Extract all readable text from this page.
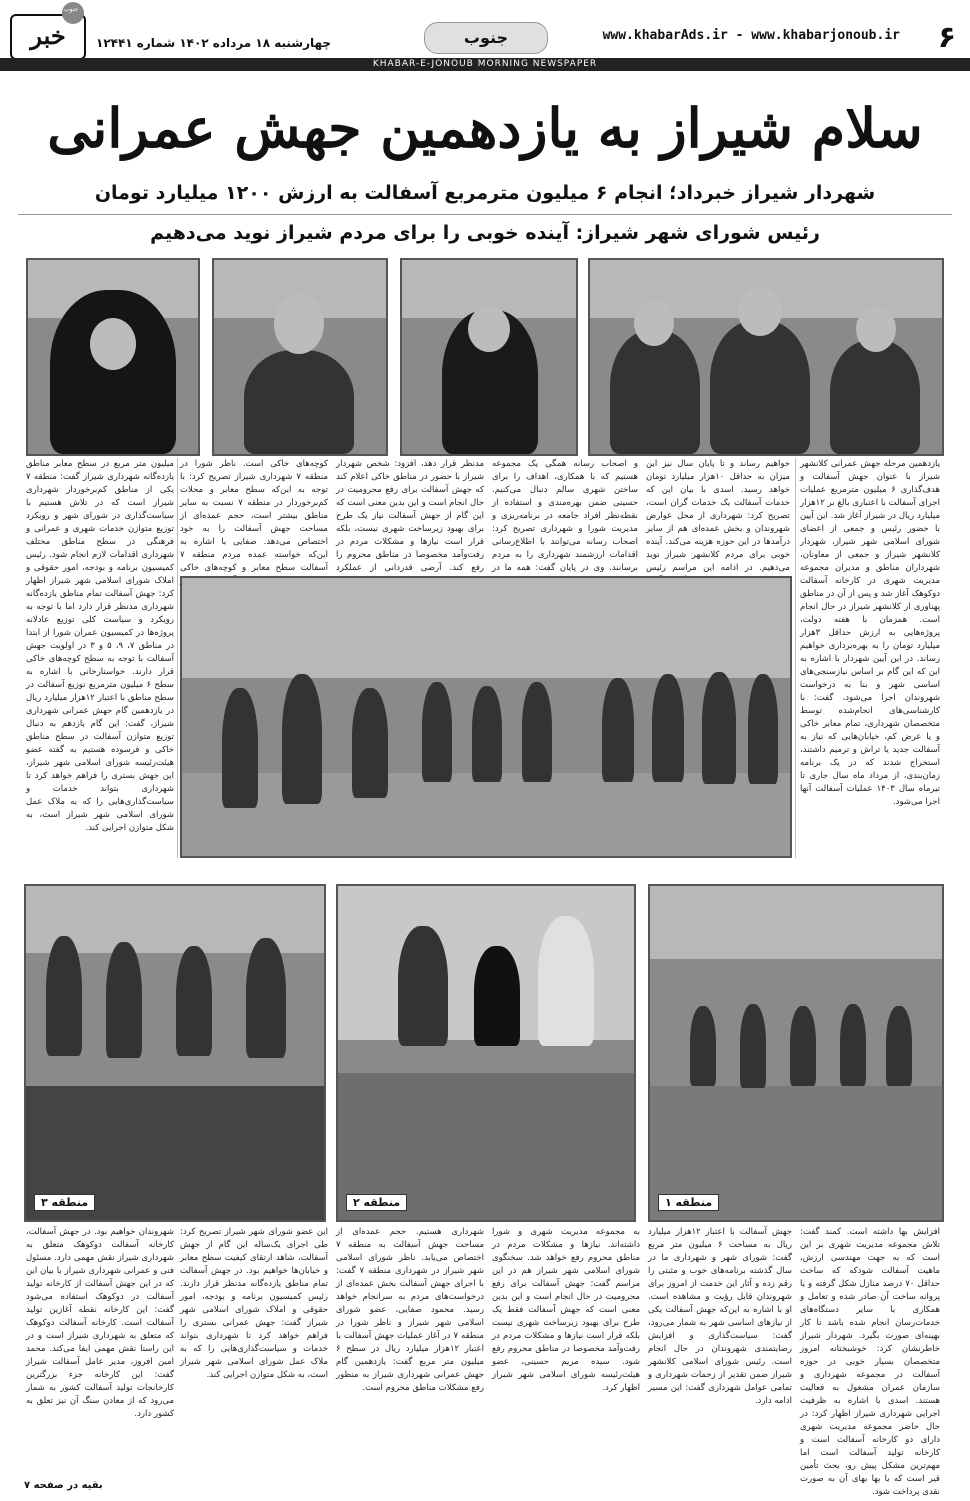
۶
www.khabarAds.ir - www.khabarjonoub.ir
جنوب
خبر
جنوب
چهارشنبه ۱۸ مرداده ۱۴۰۲ شماره ۱۲۴۴۱
KHABAR-E-JONOUB MORNING NEWSPAPER
سلام شیراز به یازدهمین جهش عمرانی
شهردار شیراز خبرداد؛ انجام ۶ میلیون مترمربع آسفالت به ارزش ۱۲۰۰ میلیارد تومان
رئیس شورای شهر شیراز: آینده خوبی را برای مردم شیراز نوید می‌دهیم
یازدهمین مرحله جهش عمرانی کلانشهر شیراز با عنوان جهش آسفالت و هدف‌گذاری ۶ میلیون مترمربع عملیات اجرای آسفالت با اعتباری بالغ بر ۱۲هزار میلیارد ریال در شیراز آغاز شد. این آیین با حضور رئیس و جمعی از اعضای شورای اسلامی شهر شیراز، شهردار کلانشهر شیراز و جمعی از معاونان، شهرداران مناطق و مدیران مجموعه مدیریت شهری در کارخانه آسفالت دوکوهک آغاز شد و پس از آن در مناطق پهناوری از کلانشهر شیراز در حال انجام است. همزمان با هفته دولت، پروژه‌هایی به ارزش حداقل ۳هزار میلیارد تومان را به بهره‌برداری خواهیم رساند. در این آیین شهردار با اشاره به این که این گام بر اساس نیازسنجی‌های اساسی شهر و بنا به درخواست شهروندان اجرا می‌شود، گفت: با کارشناسی‌های انجام‌شده توسط متخصصان شهرداری، تمام معابر خاکی و یا عرض کم، خیابان‌هایی که نیاز به آسفالت جدید یا تراش و ترمیم داشتند، استخراج شدند که در یک برنامه زمان‌بندی، از مرداد ماه سال جاری تا تیرماه سال ۱۴۰۳ عملیات آسفالت آنها اجرا می‌شود.
خواهیم رساند و تا پایان سال نیز این میزان به حداقل ۱۰هزار میلیارد تومان خواهد رسید. اسدی با بیان این که خدمات آسفالت یک خدمات گران است، تصریح کرد: شهرداری از محل عوارض شهروندان و بخش عمده‌ای هم از سایر درآمدها در این حوزه هزینه می‌کند. آینده خوبی برای مردم کلانشهر شیراز نوید می‌دهیم. در ادامه این مراسم رئیس
و اصحاب رسانه همگی یک مجموعه هستیم که با همکاری، اهداف را برای ساختن شهری سالم دنبال می‌کنیم. حسینی ضمن بهره‌مندی و استفاده از نقطه‌نظر افراد جامعه در برنامه‌ریزی و مدیریت شورا و شهرداری تصریح کرد: اصحاب رسانه می‌توانند با اطلاع‌رسانی اقدامات ارزشمند شهرداری را به مردم برسانند. وی در پایان گفت: همه ما در
مدنظر قرار دهد، افزود: شخص شهردار شیراز با حضور در مناطق خاکی اعلام کند که جهش آسفالت برای رفع محرومیت در حال انجام است و این بدین معنی است که این گام از جهش آسفالت نیاز یک طرح برای بهبود زیرساخت شهری نیست، بلکه قرار است نیازها و مشکلات مردم در رفت‌وآمد مخصوصا در مناطق محروم را رفع کند. آرضی قدردانی از عملکرد
کوچه‌های خاکی است. ناظر شورا در منطقه ۷ شهرداری شیراز تصریح کرد: با توجه به این‌که سطح معابر و محلات کم‌برخوردار در منطقه ۷ نسبت به سایر مناطق بیشتر است، حجم عمده‌ای از مساحت جهش آسفالت را به خود اختصاص می‌دهد. صفایی با اشاره به این‌که خواسته عمده مردم منطقه ۷ آسفالت سطح معابر و کوچه‌های خاکی
میلیون متر مربع در سطح معابر مناطق یازده‌گانه شهرداری شیراز گفت: منطقه ۷ یکی از مناطق کم‌برخوردار شهرداری شیراز است که در تلاش هستیم با سیاست‌گذاری در شورای شهر و رویکرد توزیع متوازن خدمات شهری و عمرانی و فرهنگی در سطح مناطق مختلف شهرداری اقدامات لازم انجام شود. رئیس کمیسیون برنامه و بودجه، امور حقوقی و املاک شورای اسلامی شهر شیراز اظهار کرد: جهش آسفالت تمام مناطق یازده‌گانه شهرداری مدنظر قرار دارد اما با توجه به رویکرد و سیاست کلی توزیع عادلانه پروژه‌ها در کمیسیون عمران شورا از ابتدا در مناطق ۷، ۹، ۵ و ۳ در اولویت جهش آسفالت با توجه به سطح کوچه‌های خاکی قرار دارند. خواستارخانی با اشاره به سطح ۶ میلیون مترمربع توزیع آسفالت در سطح مناطق با اعتبار ۱۲هزار میلیارد ریال در یازدهمین گام جهش عمرانی شهرداری شیراز، گفت: این گام یازدهم به دنبال توزیع متوازن آسفالت در سطح مناطق خاکی و فرسوده هستیم به گفته عضو هیئت‌رئیسه شورای اسلامی شهر شیراز، این جهش بستری را فراهم خواهد کرد تا شهرداری بتواند خدمات و سیاست‌گذاری‌هایی را که به ملاک عمل شورای اسلامی شهر شیراز است، به شکل متوازن اجرایی کند.
منطقه ۱
منطقه ۲
منطقه ۳
افزایش بها داشته است. کمند گفت: تلاش مجموعه مدیریت شهری بر این است که به جهت مهندسی ارزش، ماهیت آسفالت شودکه که ساخت حداقل ۷۰ درصد منازل شکل گرفته و یا پروانه ساخت آن صادر شده و تعامل و همکاری با سایر دستگاه‌های خدمات‌رسان انجام شده باشد تا کار بهینه‌ای صورت بگیرد. شهردار شیراز خاطرنشان کرد: خوشبختانه امروز متخصصان بسیار خوبی در حوزه آسفالت در مجموعه شهرداری و سازمان عمران مشغول به فعالیت هستند. اسدی با اشاره به ظرفیت اجرایی شهرداری شیراز اظهار کرد: در حال حاضر مجموعه مدیریت شهری دارای دو کارخانه آسفالت است و کارخانه تولید آسفالت است اما مهم‌ترین مشکل پیش رو، بحث تأمین قیر است که با بها بهای آن به صورت نقدی پرداخت شود.
جهش آسفالت با اعتبار ۱۲هزار میلیارد ریال به مساحت ۶ میلیون متر مربع گفت: شورای شهر و شهرداری ما در سال گذشته برنامه‌های خوب و مثبتی را رقم زده و آثار این خدمت از امروز برای شهروندان قابل رؤیت و مشاهده است. او با اشاره به این‌که جهش آسفالت یکی از نیازهای اساسی شهر به شمار می‌رود، گفت: سیاست‌گذاری و افزایش رضایتمندی شهروندان در حال انجام است. رئیس شورای اسلامی کلانشهر شیراز ضمن تقدیر از زحمات شهرداری و تمامی عوامل شهرداری گفت: این مسیر ادامه دارد.
به مجموعه مدیریت شهری و شورا داشته‌اند. نیازها و مشکلات مردم در مناطق محروم رفع خواهد شد. سخنگوی شورای اسلامی شهر شیراز هم در این مراسم گفت: جهش آسفالت برای رفع محرومیت در حال انجام است و این بدین معنی است که جهش آسفالت فقط یک طرح برای بهبود زیرساخت شهری نیست بلکه قرار است نیازها و مشکلات مردم در رفت‌وآمد مخصوصا در مناطق محروم رفع شود. سیده مریم حسینی، عضو هیئت‌رئیسه شورای اسلامی شهر شیراز اظهار کرد.
شهرداری هستیم. حجم عمده‌ای از مساحت جهش آسفالت به منطقه ۷ اختصاص می‌یابد. ناظر شورای اسلامی شهر شیراز در شهرداری منطقه ۷ گفت: با اجرای جهش آسفالت بخش عمده‌ای از درخواست‌های مردم به سرانجام خواهد رسید. محمود صفایی، عضو شورای اسلامی شهر شیراز و ناظر شورا در منطقه ۷ در آغاز عملیات جهش آسفالت با اعتبار ۱۲هزار میلیارد ریال در سطح ۶ میلیون متر مربع گفت: یازدهمین گام جهش عمرانی شهرداری شیراز به منظور رفع مشکلات مناطق محروم است.
این عضو شورای شهر شیراز تصریح کرد: طی اجرای یک‌ساله این گام از جهش آسفالت، شاهد ارتقای کیفیت سطح معابر و خیابان‌ها خواهیم بود. در جهش آسفالت تمام مناطق یازده‌گانه مدنظر قرار دارند. رئیس کمیسیون برنامه و بودجه، امور حقوقی و املاک شورای اسلامی شهر شیراز گفت: جهش عمرانی بستری را فراهم خواهد کرد تا شهرداری بتواند خدمات و سیاست‌گذاری‌هایی را که به ملاک عمل شورای اسلامی شهر شیراز است، به شکل متوازن اجرایی کند.
شهروندان خواهیم بود. در جهش آسفالت، کارخانه آسفالت دوکوهک متعلق به شهرداری شیراز نقش مهمی دارد. مسئول فنی و عمرانی شهرداری شیراز با بیان این که در این جهش آسفالت از کارخانه تولید آسفالت در دوکوهک استفاده می‌شود گفت: این کارخانه نقطه آغازین تولید آسفالت است. کارخانه آسفالت دوکوهک که متعلق به شهرداری شیراز است و در این راستا نقش مهمی ایفا می‌کند. محمد امین افروز، مدیر عامل آسفالت شیراز گفت: این کارخانه جزء بزرگترین کارخانجات تولید آسفالت کشور به شمار می‌رود که از معادن سنگ آن نیز تعلق به کشور دارد.
بقیه در صفحه ۷
